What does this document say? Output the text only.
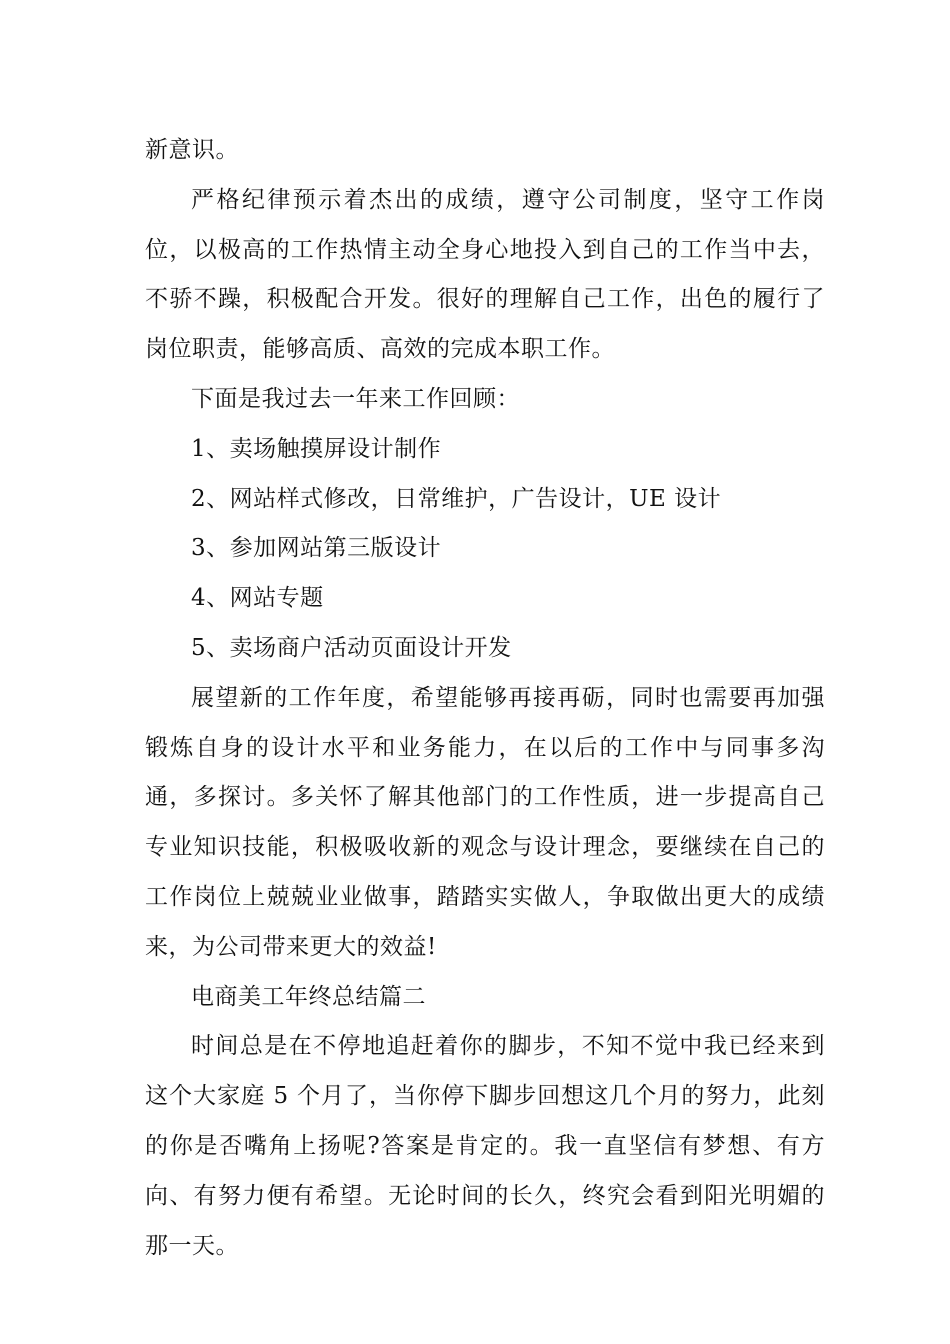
新意识。

严格纪律预示着杰出的成绩，遵守公司制度，坚守工作岗位，以极高的工作热情主动全身心地投入到自己的工作当中去，不骄不躁，积极配合开发。很好的理解自己工作，出色的履行了岗位职责，能够高质、高效的完成本职工作。

下面是我过去一年来工作回顾：

1、卖场触摸屏设计制作

2、网站样式修改，日常维护，广告设计，UE 设计

3、参加网站第三版设计

4、网站专题

5、卖场商户活动页面设计开发

展望新的工作年度，希望能够再接再砺，同时也需要再加强锻炼自身的设计水平和业务能力，在以后的工作中与同事多沟通，多探讨。多关怀了解其他部门的工作性质，进一步提高自己专业知识技能，积极吸收新的观念与设计理念，要继续在自己的工作岗位上兢兢业业做事，踏踏实实做人，争取做出更大的成绩来，为公司带来更大的效益!

电商美工年终总结篇二

时间总是在不停地追赶着你的脚步，不知不觉中我已经来到这个大家庭 5 个月了，当你停下脚步回想这几个月的努力，此刻的你是否嘴角上扬呢?答案是肯定的。我一直坚信有梦想、有方向、有努力便有希望。无论时间的长久，终究会看到阳光明媚的那一天。
